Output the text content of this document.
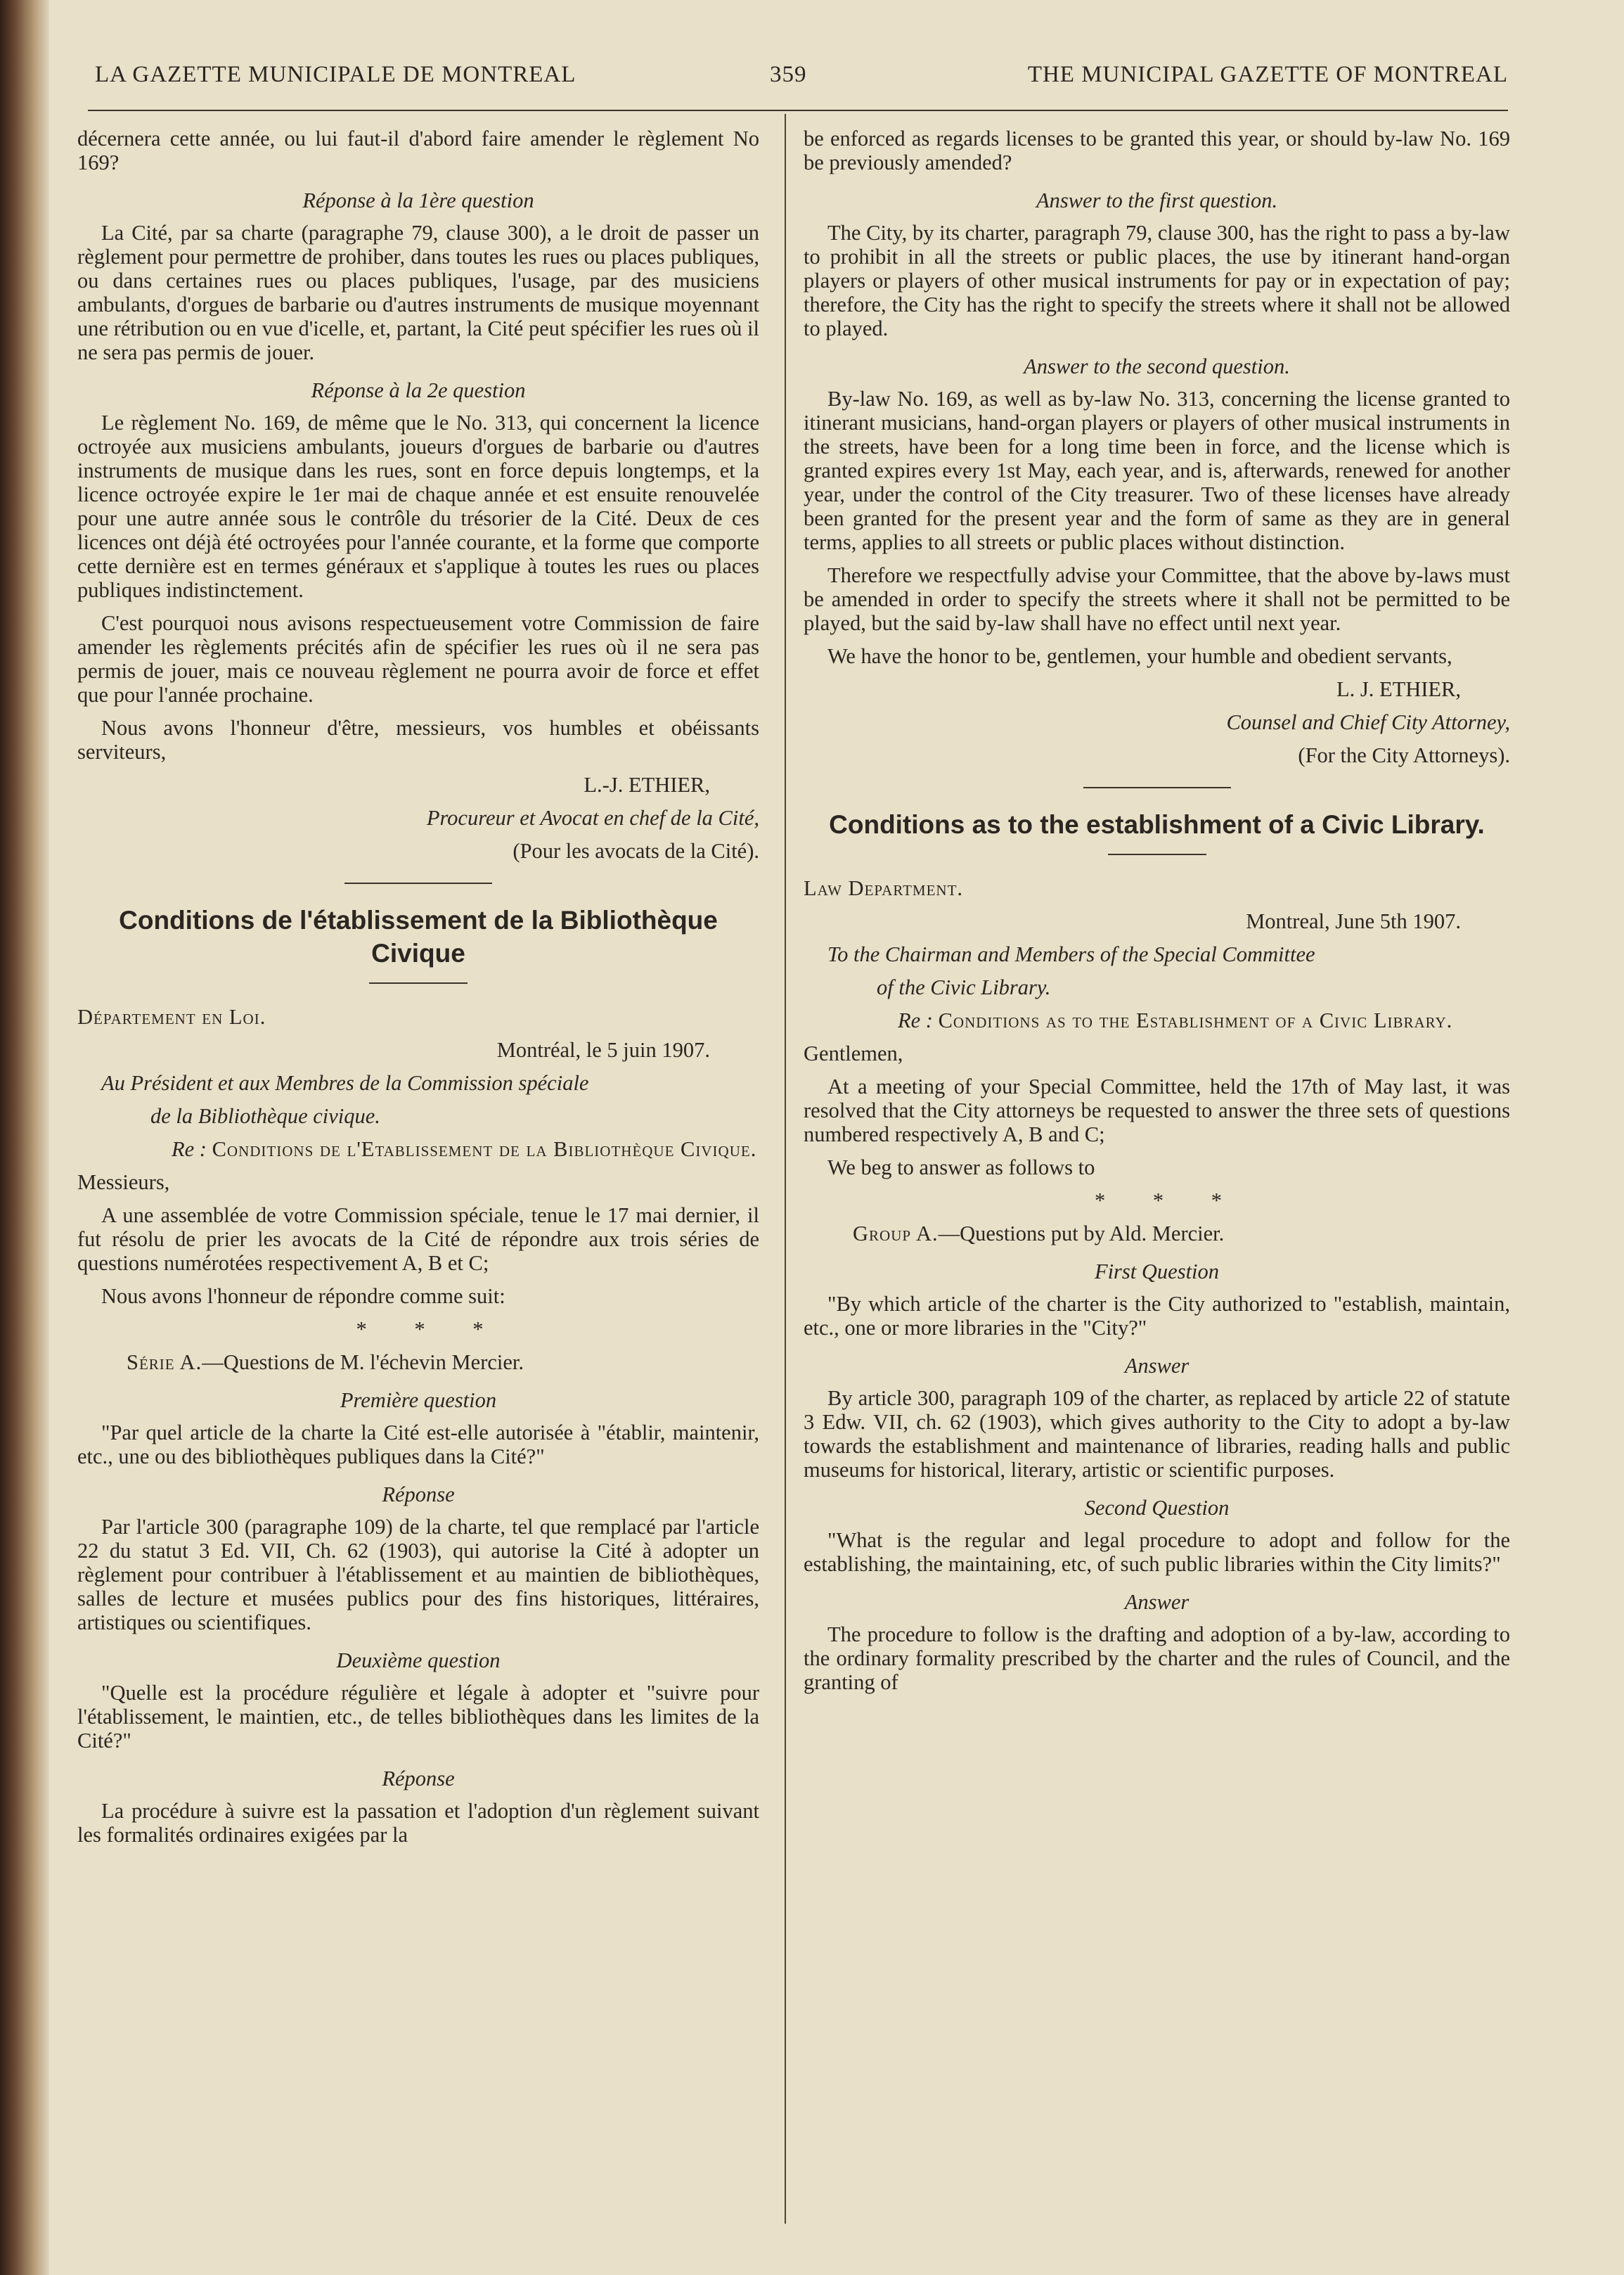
LA GAZETTE MUNICIPALE DE MONTREAL	359	THE MUNICIPAL GAZETTE OF MONTREAL

décernera cette année, ou lui faut-il d'abord faire amender le règlement No 169?

Réponse à la 1ère question

La Cité, par sa charte (paragraphe 79, clause 300), a le droit de passer un règlement pour permettre de prohiber, dans toutes les rues ou places publiques, ou dans certaines rues ou places publiques, l'usage, par des musiciens ambulants, d'orgues de barbarie ou d'autres instruments de musique moyennant une rétribution ou en vue d'icelle, et, partant, la Cité peut spécifier les rues où il ne sera pas permis de jouer.

Réponse à la 2e question

Le règlement No. 169, de même que le No. 313, qui concernent la licence octroyée aux musiciens ambulants, joueurs d'orgues de barbarie ou d'autres instruments de musique dans les rues, sont en force depuis longtemps, et la licence octroyée expire le 1er mai de chaque année et est ensuite renouvelée pour une autre année sous le contrôle du trésorier de la Cité. Deux de ces licences ont déjà été octroyées pour l'année courante, et la forme que comporte cette dernière est en termes généraux et s'applique à toutes les rues ou places publiques indistinctement.

C'est pourquoi nous avisons respectueusement votre Commission de faire amender les règlements précités afin de spécifier les rues où il ne sera pas permis de jouer, mais ce nouveau règlement ne pourra avoir de force et effet que pour l'année prochaine.

Nous avons l'honneur d'être, messieurs, vos humbles et obéissants serviteurs,

L.-J. ETHIER,

Procureur et Avocat en chef de la Cité,

(Pour les avocats de la Cité).

Conditions de l'établissement de la Bibliothèque Civique

Département en Loi.

Montréal, le 5 juin 1907.

Au Président et aux Membres de la Commission spéciale

de la Bibliothèque civique.

Re : Conditions de l'Etablissement de la Bibliothèque Civique.

Messieurs,

A une assemblée de votre Commission spéciale, tenue le 17 mai dernier, il fut résolu de prier les avocats de la Cité de répondre aux trois séries de questions numérotées respectivement A, B et C;

Nous avons l'honneur de répondre comme suit:

* * *

Série A.—Questions de M. l'échevin Mercier.

Première question

"Par quel article de la charte la Cité est-elle autorisée à "établir, maintenir, etc., une ou des bibliothèques publiques dans la Cité?"

Réponse

Par l'article 300 (paragraphe 109) de la charte, tel que remplacé par l'article 22 du statut 3 Ed. VII, Ch. 62 (1903), qui autorise la Cité à adopter un règlement pour contribuer à l'établissement et au maintien de bibliothèques, salles de lecture et musées publics pour des fins historiques, littéraires, artistiques ou scientifiques.

Deuxième question

"Quelle est la procédure régulière et légale à adopter et "suivre pour l'établissement, le maintien, etc., de telles bibliothèques dans les limites de la Cité?"

Réponse

La procédure à suivre est la passation et l'adoption d'un règlement suivant les formalités ordinaires exigées par la

be enforced as regards licenses to be granted this year, or should by-law No. 169 be previously amended?

Answer to the first question.

The City, by its charter, paragraph 79, clause 300, has the right to pass a by-law to prohibit in all the streets or public places, the use by itinerant hand-organ players or players of other musical instruments for pay or in expectation of pay; therefore, the City has the right to specify the streets where it shall not be allowed to played.

Answer to the second question.

By-law No. 169, as well as by-law No. 313, concerning the license granted to itinerant musicians, hand-organ players or players of other musical instruments in the streets, have been for a long time been in force, and the license which is granted expires every 1st May, each year, and is, afterwards, renewed for another year, under the control of the City treasurer. Two of these licenses have already been granted for the present year and the form of same as they are in general terms, applies to all streets or public places without distinction.

Therefore we respectfully advise your Committee, that the above by-laws must be amended in order to specify the streets where it shall not be permitted to be played, but the said by-law shall have no effect until next year.

We have the honor to be, gentlemen, your humble and obedient servants,

L. J. ETHIER,

Counsel and Chief City Attorney,

(For the City Attorneys).

Conditions as to the establishment of a Civic Library.

Law Department.

Montreal, June 5th 1907.

To the Chairman and Members of the Special Committee

of the Civic Library.

Re : Conditions as to the Establishment of a Civic Library.

Gentlemen,

At a meeting of your Special Committee, held the 17th of May last, it was resolved that the City attorneys be requested to answer the three sets of questions numbered respectively A, B and C;

We beg to answer as follows to

* * *

Group A.—Questions put by Ald. Mercier.

First Question

"By which article of the charter is the City authorized to "establish, maintain, etc., one or more libraries in the "City?"

Answer

By article 300, paragraph 109 of the charter, as replaced by article 22 of statute 3 Edw. VII, ch. 62 (1903), which gives authority to the City to adopt a by-law towards the establishment and maintenance of libraries, reading halls and public museums for historical, literary, artistic or scientific purposes.

Second Question

"What is the regular and legal procedure to adopt and follow for the establishing, the maintaining, etc, of such public libraries within the City limits?"

Answer

The procedure to follow is the drafting and adoption of a by-law, according to the ordinary formality prescribed by the charter and the rules of Council, and the granting of
